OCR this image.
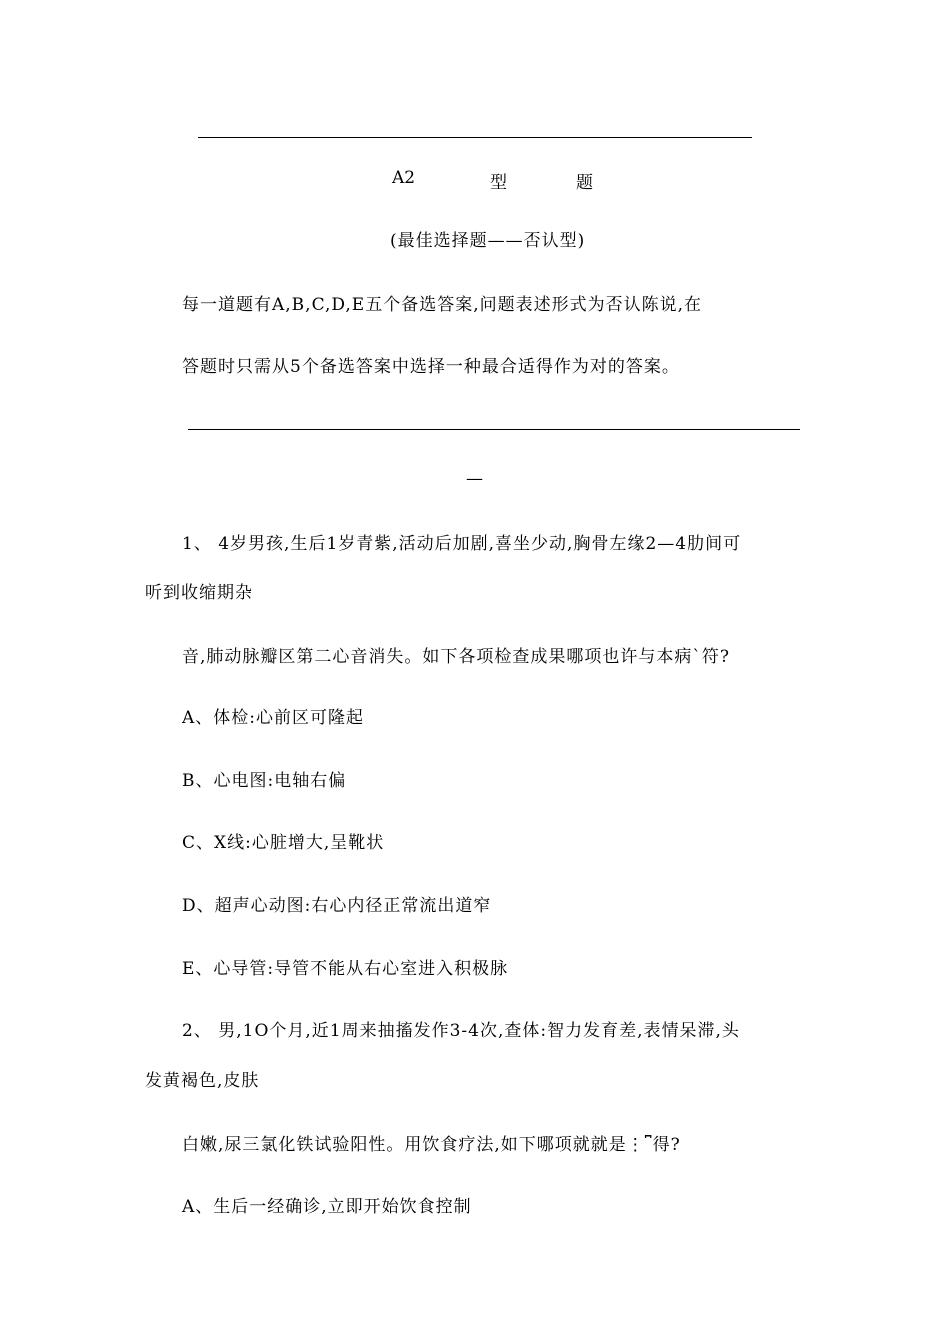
A2	型	题
(最佳选择题——否认型)
每一道题有A,B,C,D,E五个备选答案,问题表述形式为否认陈说,在
答题时只需从5个备选答案中选择一种最合适得作为对的答案。
—
1、 4岁男孩,生后1岁青紫,活动后加剧,喜坐少动,胸骨左缘2—4肋间可
听到收缩期杂
音,肺动脉瓣区第二心音消失。如下各项检查成果哪项也许与本病`符?
A、体检:心前区可隆起
B、心电图:电轴右偏
C、X线:心脏增大,呈靴状
D、超声心动图:右心内径正常流出道窄
E、心导管:导管不能从右心室进入积极脉
2、 男,1O个月,近1周来抽搐发作3-4次,查体:智力发育差,表情呆滞,头
发黄褐色,皮肤
白嫩,尿三氯化铁试验阳性。用饮食疗法,如下哪项就就是⋮⎴得?
A、生后一经确诊,立即开始饮食控制
